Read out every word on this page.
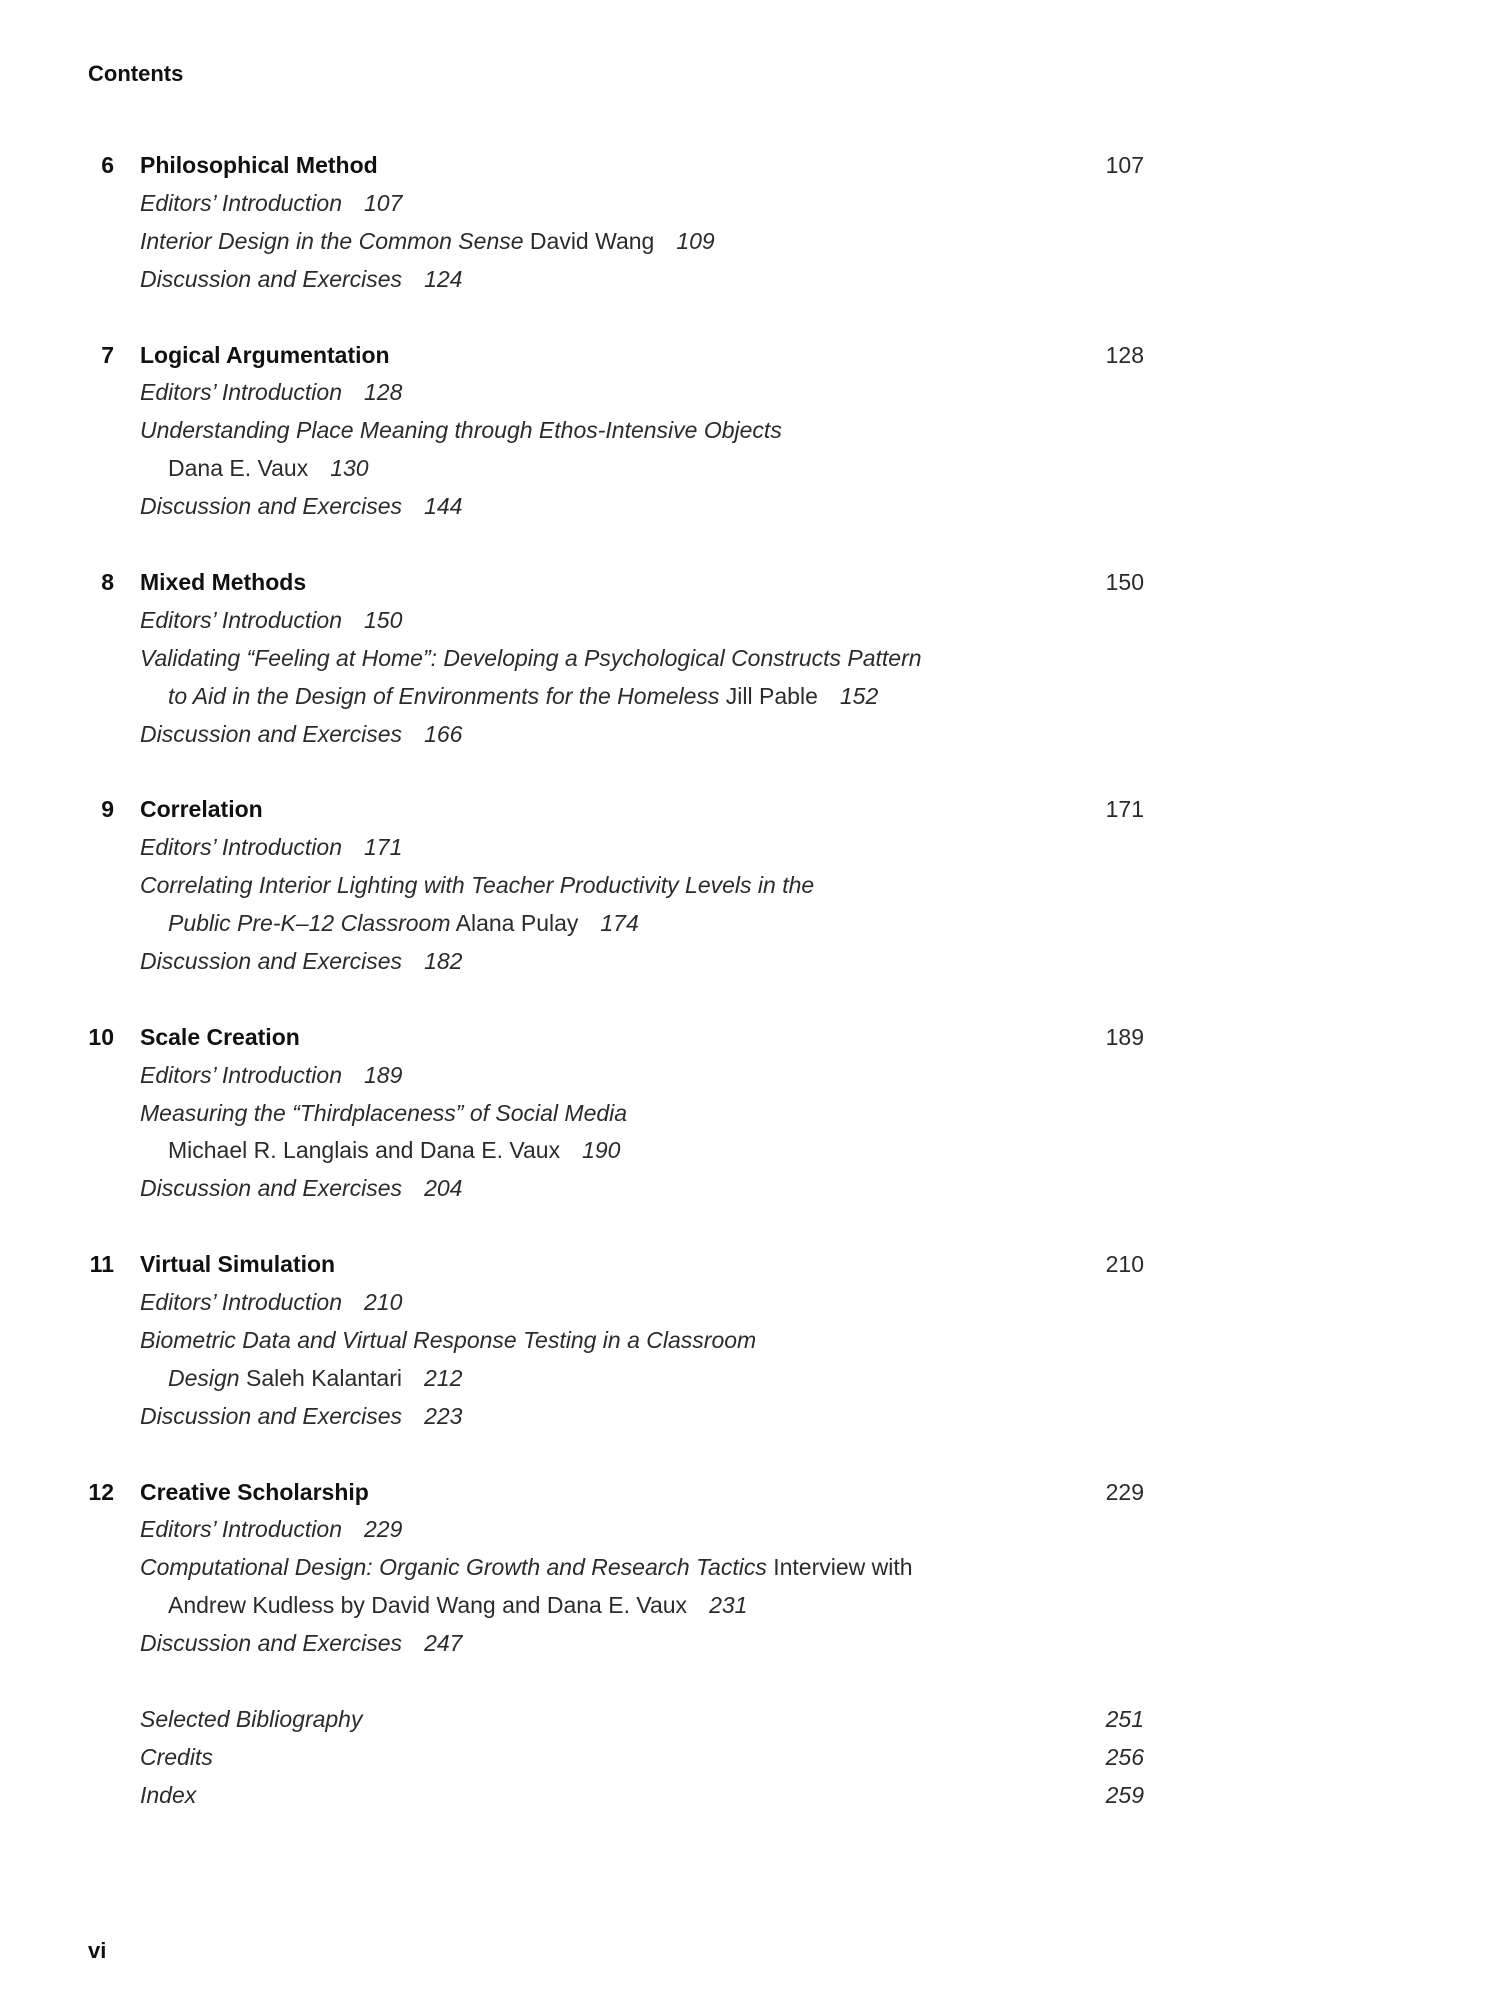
Contents
6 Philosophical Method	107
Editors’ Introduction 107
Interior Design in the Common Sense David Wang 109
Discussion and Exercises 124
7 Logical Argumentation	128
Editors’ Introduction 128
Understanding Place Meaning through Ethos-Intensive Objects
Dana E. Vaux 130
Discussion and Exercises 144
8 Mixed Methods	150
Editors’ Introduction 150
Validating “Feeling at Home”: Developing a Psychological Constructs Pattern
to Aid in the Design of Environments for the Homeless Jill Pable 152
Discussion and Exercises 166
9 Correlation	171
Editors’ Introduction 171
Correlating Interior Lighting with Teacher Productivity Levels in the
Public Pre-K–12 Classroom Alana Pulay 174
Discussion and Exercises 182
10 Scale Creation	189
Editors’ Introduction 189
Measuring the “Thirdplaceness” of Social Media
Michael R. Langlais and Dana E. Vaux 190
Discussion and Exercises 204
11 Virtual Simulation	210
Editors’ Introduction 210
Biometric Data and Virtual Response Testing in a Classroom
Design Saleh Kalantari 212
Discussion and Exercises 223
12 Creative Scholarship	229
Editors’ Introduction 229
Computational Design: Organic Growth and Research Tactics Interview with
Andrew Kudless by David Wang and Dana E. Vaux 231
Discussion and Exercises 247
Selected Bibliography	251
Credits	256
Index	259
vi
